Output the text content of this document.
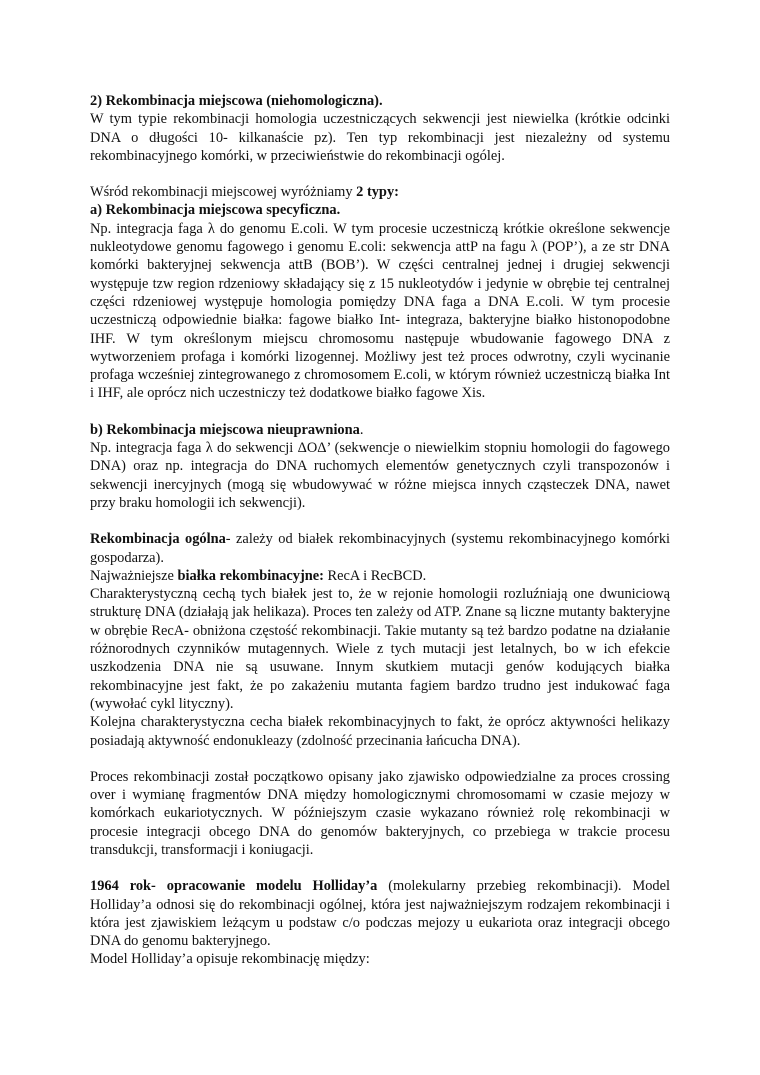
2) Rekombinacja miejscowa (niehomologiczna).

W tym typie rekombinacji homologia uczestniczących sekwencji jest niewielka (krótkie odcinki DNA o długości 10- kilkanaście pz). Ten typ rekombinacji jest niezależny od systemu rekombinacyjnego komórki, w przeciwieństwie do rekombinacji ogólej.

Wśród rekombinacji miejscowej wyróżniamy 2 typy:

a) Rekombinacja miejscowa specyficzna.

Np. integracja faga λ do genomu E.coli. W tym procesie uczestniczą krótkie określone sekwencje nukleotydowe genomu fagowego i genomu E.coli: sekwencja attP na fagu λ (POP’), a ze str DNA komórki bakteryjnej sekwencja attB (BOB’). W części centralnej jednej i drugiej sekwencji występuje tzw region rdzeniowy składający się z 15 nukleotydów i jedynie w obrębie tej centralnej części rdzeniowej występuje homologia pomiędzy DNA faga a DNA E.coli. W tym procesie uczestniczą odpowiednie białka: fagowe białko Int- integraza, bakteryjne białko histonopodobne IHF. W tym określonym miejscu chromosomu następuje wbudowanie fagowego DNA z wytworzeniem profaga i komórki lizogennej. Możliwy jest też proces odwrotny, czyli wycinanie profaga wcześniej zintegrowanego z chromosomem E.coli, w którym również uczestniczą białka Int i IHF, ale oprócz nich uczestniczy też dodatkowe białko fagowe Xis.

b) Rekombinacja miejscowa nieuprawniona.

Np. integracja faga λ do sekwencji ΔOΔ’ (sekwencje o niewielkim stopniu homologii do fagowego DNA) oraz np. integracja do DNA ruchomych elementów genetycznych czyli transpozonów i sekwencji inercyjnych (mogą się wbudowywać w różne miejsca innych cząsteczek DNA, nawet przy braku homologii ich sekwencji).

Rekombinacja ogólna- zależy od białek rekombinacyjnych (systemu rekombinacyjnego komórki gospodarza).

Najważniejsze białka rekombinacyjne: RecA i RecBCD.

Charakterystyczną cechą tych białek jest to, że w rejonie homologii rozluźniają one dwuniciową strukturę DNA (działają jak helikaza). Proces ten zależy od ATP. Znane są liczne mutanty bakteryjne w obrębie RecA- obniżona częstość rekombinacji. Takie mutanty są też bardzo podatne na działanie różnorodnych czynników mutagennych. Wiele z tych mutacji jest letalnych, bo w ich efekcie uszkodzenia DNA nie są usuwane. Innym skutkiem mutacji genów kodujących białka rekombinacyjne jest fakt, że po zakażeniu mutanta fagiem bardzo trudno jest indukować faga (wywołać cykl lityczny).

Kolejna charakterystyczna cecha białek rekombinacyjnych to fakt, że oprócz aktywności helikazy posiadają aktywność endonukleazy (zdolność przecinania łańcucha DNA).

Proces rekombinacji został początkowo opisany jako zjawisko odpowiedzialne za proces crossing over i wymianę fragmentów DNA między homologicznymi chromosomami w czasie mejozy w komórkach eukariotycznych. W późniejszym czasie wykazano również rolę rekombinacji w procesie integracji obcego DNA do genomów bakteryjnych, co przebiega w trakcie procesu transdukcji, transformacji i koniugacji.

1964 rok- opracowanie modelu Holliday’a (molekularny przebieg rekombinacji). Model Holliday’a odnosi się do rekombinacji ogólnej, która jest najważniejszym rodzajem rekombinacji i która jest zjawiskiem leżącym u podstaw c/o podczas mejozy u eukariota oraz integracji obcego DNA do genomu bakteryjnego.

Model Holliday’a opisuje rekombinację między:
